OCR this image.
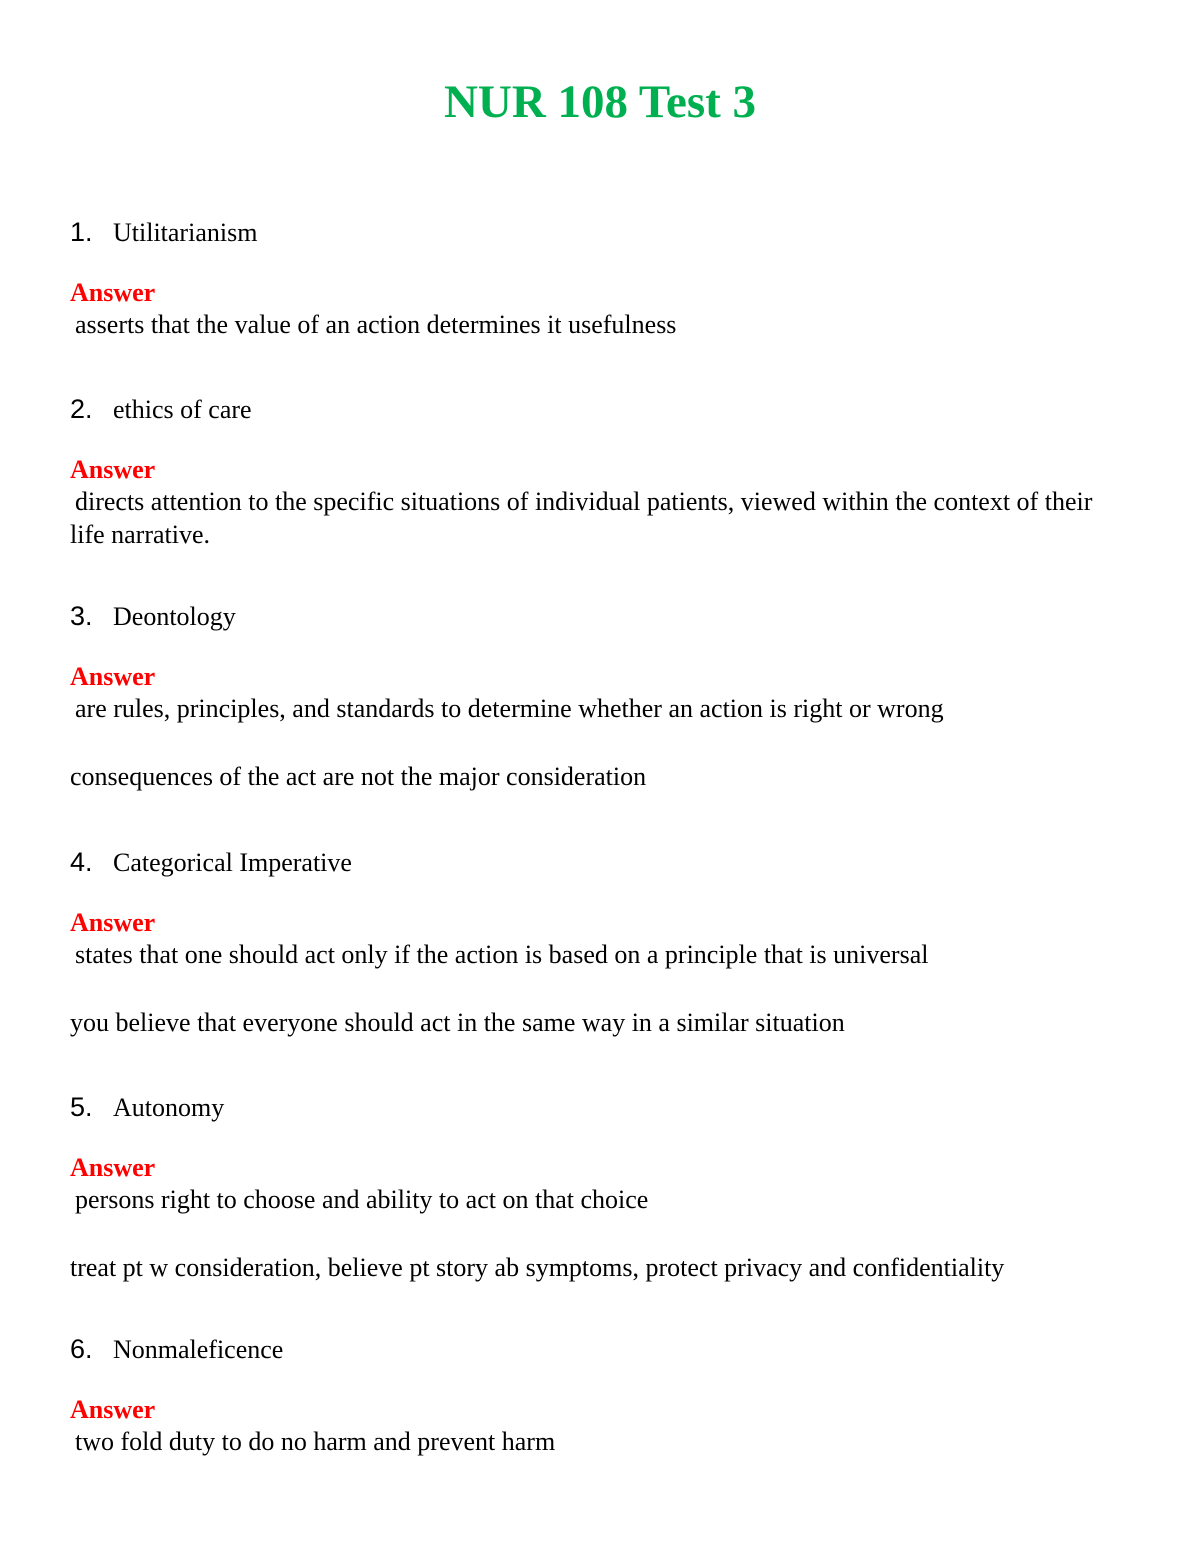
NUR 108 Test 3
1. Utilitarianism
Answer
asserts that the value of an action determines it usefulness
2. ethics of care
Answer
directs attention to the specific situations of individual patients, viewed within the context of their life narrative.
3. Deontology
Answer
are rules, principles, and standards to determine whether an action is right or wrong
consequences of the act are not the major consideration
4. Categorical Imperative
Answer
states that one should act only if the action is based on a principle that is universal
you believe that everyone should act in the same way in a similar situation
5. Autonomy
Answer
persons right to choose and ability to act on that choice
treat pt w consideration, believe pt story ab symptoms, protect privacy and confidentiality
6. Nonmaleficence
Answer
two fold duty to do no harm and prevent harm
